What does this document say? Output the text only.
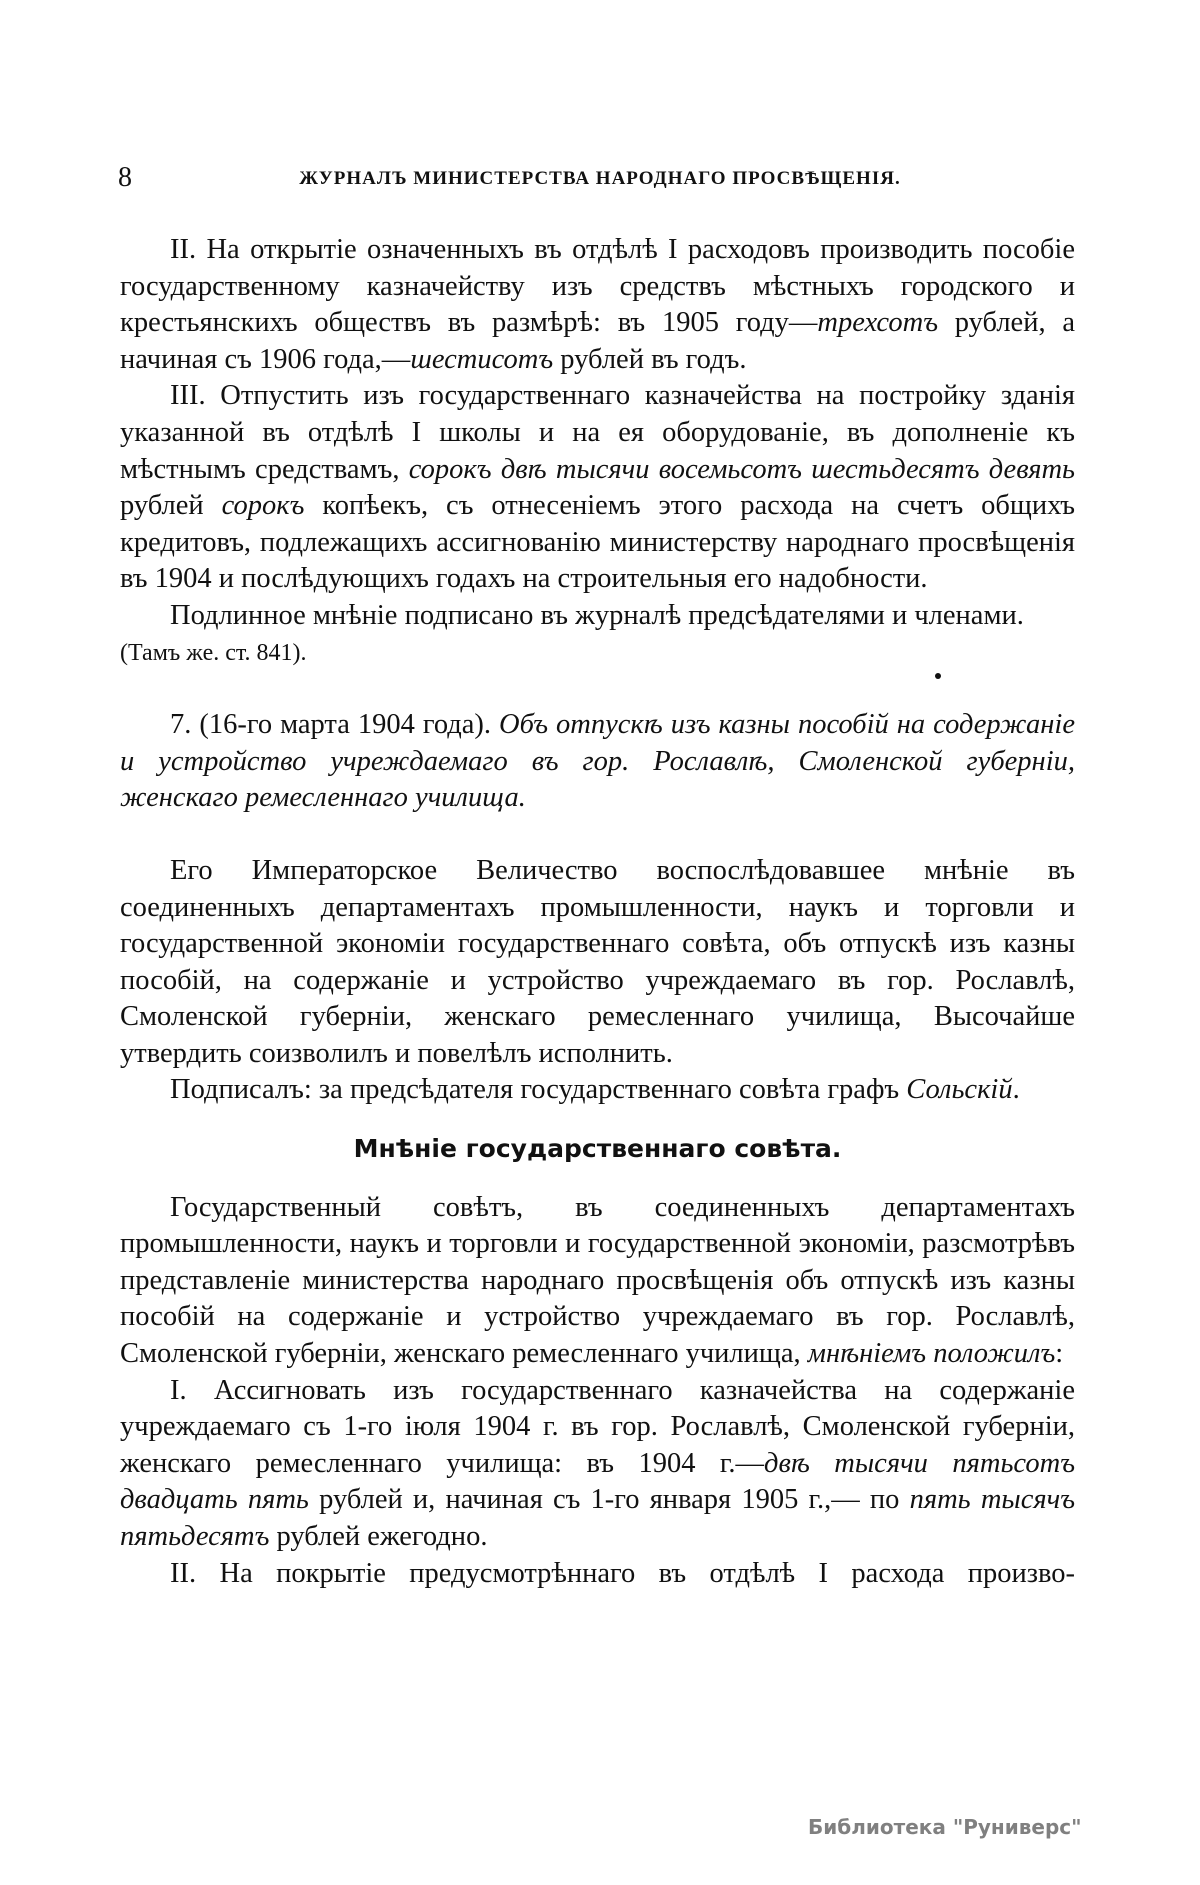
8	ЖУРНАЛЪ МИНИСТЕРСТВА НАРОДНАГО ПРОСВѢЩЕНІЯ.

II. На открытіе означенныхъ въ отдѣлѣ I расходовъ производить пособіе государственному казначейству изъ средствъ мѣстныхъ городского и крестьянскихъ обществъ въ размѣрѣ: въ 1905 году—трехсотъ рублей, а начиная съ 1906 года,—шестисотъ рублей въ годъ.

III. Отпустить изъ государственнаго казначейства на постройку зданія указанной въ отдѣлѣ I школы и на ея оборудованіе, въ дополненіе къ мѣстнымъ средствамъ, сорокъ двѣ тысячи восемьсотъ шестьдесятъ девять рублей сорокъ копѣекъ, съ отнесеніемъ этого расхода на счетъ общихъ кредитовъ, подлежащихъ ассигнованію министерству народнаго просвѣщенія въ 1904 и послѣдующихъ годахъ на строительныя его надобности.

Подлинное мнѣніе подписано въ журналѣ предсѣдателями и членами.

(Тамъ же. ст. 841).

7. (16-го марта 1904 года). Объ отпускѣ изъ казны пособій на содержаніе и устройство учреждаемаго въ гор. Рославлѣ, Смоленской губерніи, женскаго ремесленнаго училища.

Его Императорское Величество воспослѣдовавшее мнѣніе въ соединенныхъ департаментахъ промышленности, наукъ и торговли и государственной экономіи государственнаго совѣта, объ отпускѣ изъ казны пособій, на содержаніе и устройство учреждаемаго въ гор. Рославлѣ, Смоленской губерніи, женскаго ремесленнаго училища, Высочайше утвердить соизволилъ и повелѣлъ исполнить.

Подписалъ: за предсѣдателя государственнаго совѣта графъ Сольскій.

Мнѣніе государственнаго совѣта.

Государственный совѣтъ, въ соединенныхъ департаментахъ промышленности, наукъ и торговли и государственной экономіи, разсмотрѣвъ представленіе министерства народнаго просвѣщенія объ отпускѣ изъ казны пособій на содержаніе и устройство учреждаемаго въ гор. Рославлѣ, Смоленской губерніи, женскаго ремесленнаго училища, мнѣніемъ положилъ:

I. Ассигновать изъ государственнаго казначейства на содержаніе учреждаемаго съ 1-го іюля 1904 г. въ гор. Рославлѣ, Смоленской губерніи, женскаго ремесленнаго училища: въ 1904 г.—двѣ тысячи пятьсотъ двадцать пять рублей и, начиная съ 1-го января 1905 г.,— по пять тысячъ пятьдесятъ рублей ежегодно.

II. На покрытіе предусмотрѣннаго въ отдѣлѣ I расхода произво-

Библиотека "Руниверс"
